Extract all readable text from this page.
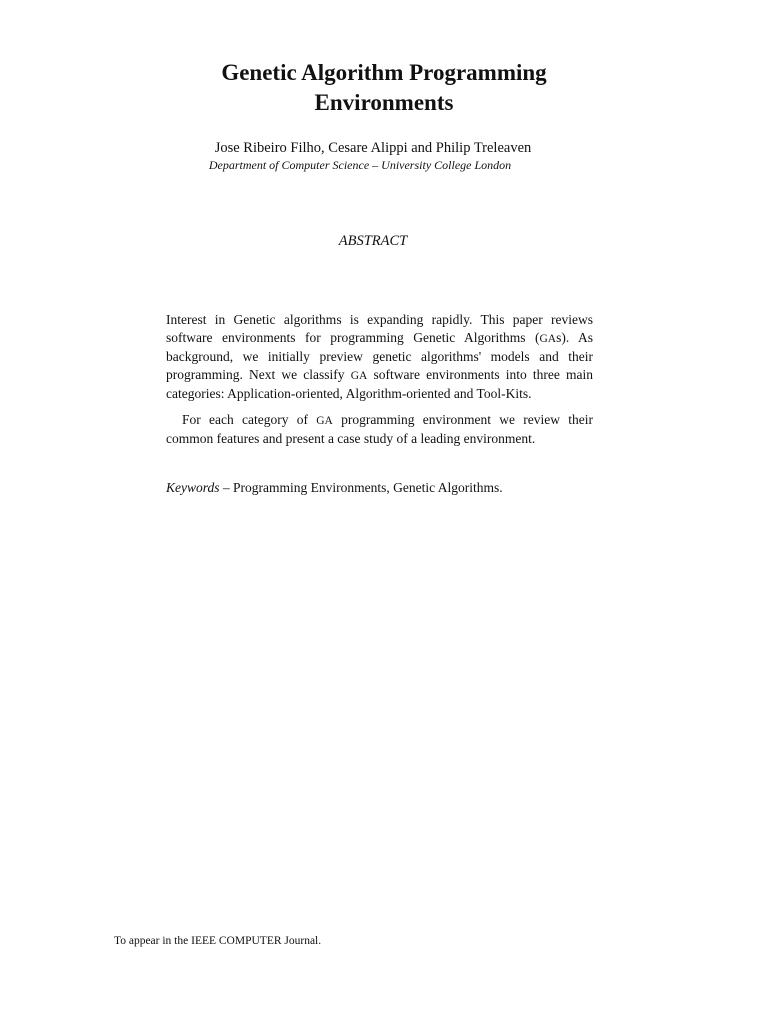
Genetic Algorithm Programming
Environments
Jose Ribeiro Filho, Cesare Alippi and Philip Treleaven
Department of Computer Science – University College London
ABSTRACT

Interest in Genetic algorithms is expanding rapidly. This paper reviews software environments for programming Genetic Algorithms (GAs). As background, we initially preview genetic algorithms' models and their programming. Next we classify GA software environments into three main categories: Application-oriented, Algorithm-oriented and Tool-Kits.

For each category of GA programming environment we review their common features and present a case study of a leading environment.

Keywords – Programming Environments, Genetic Algorithms.
To appear in the IEEE COMPUTER Journal.
